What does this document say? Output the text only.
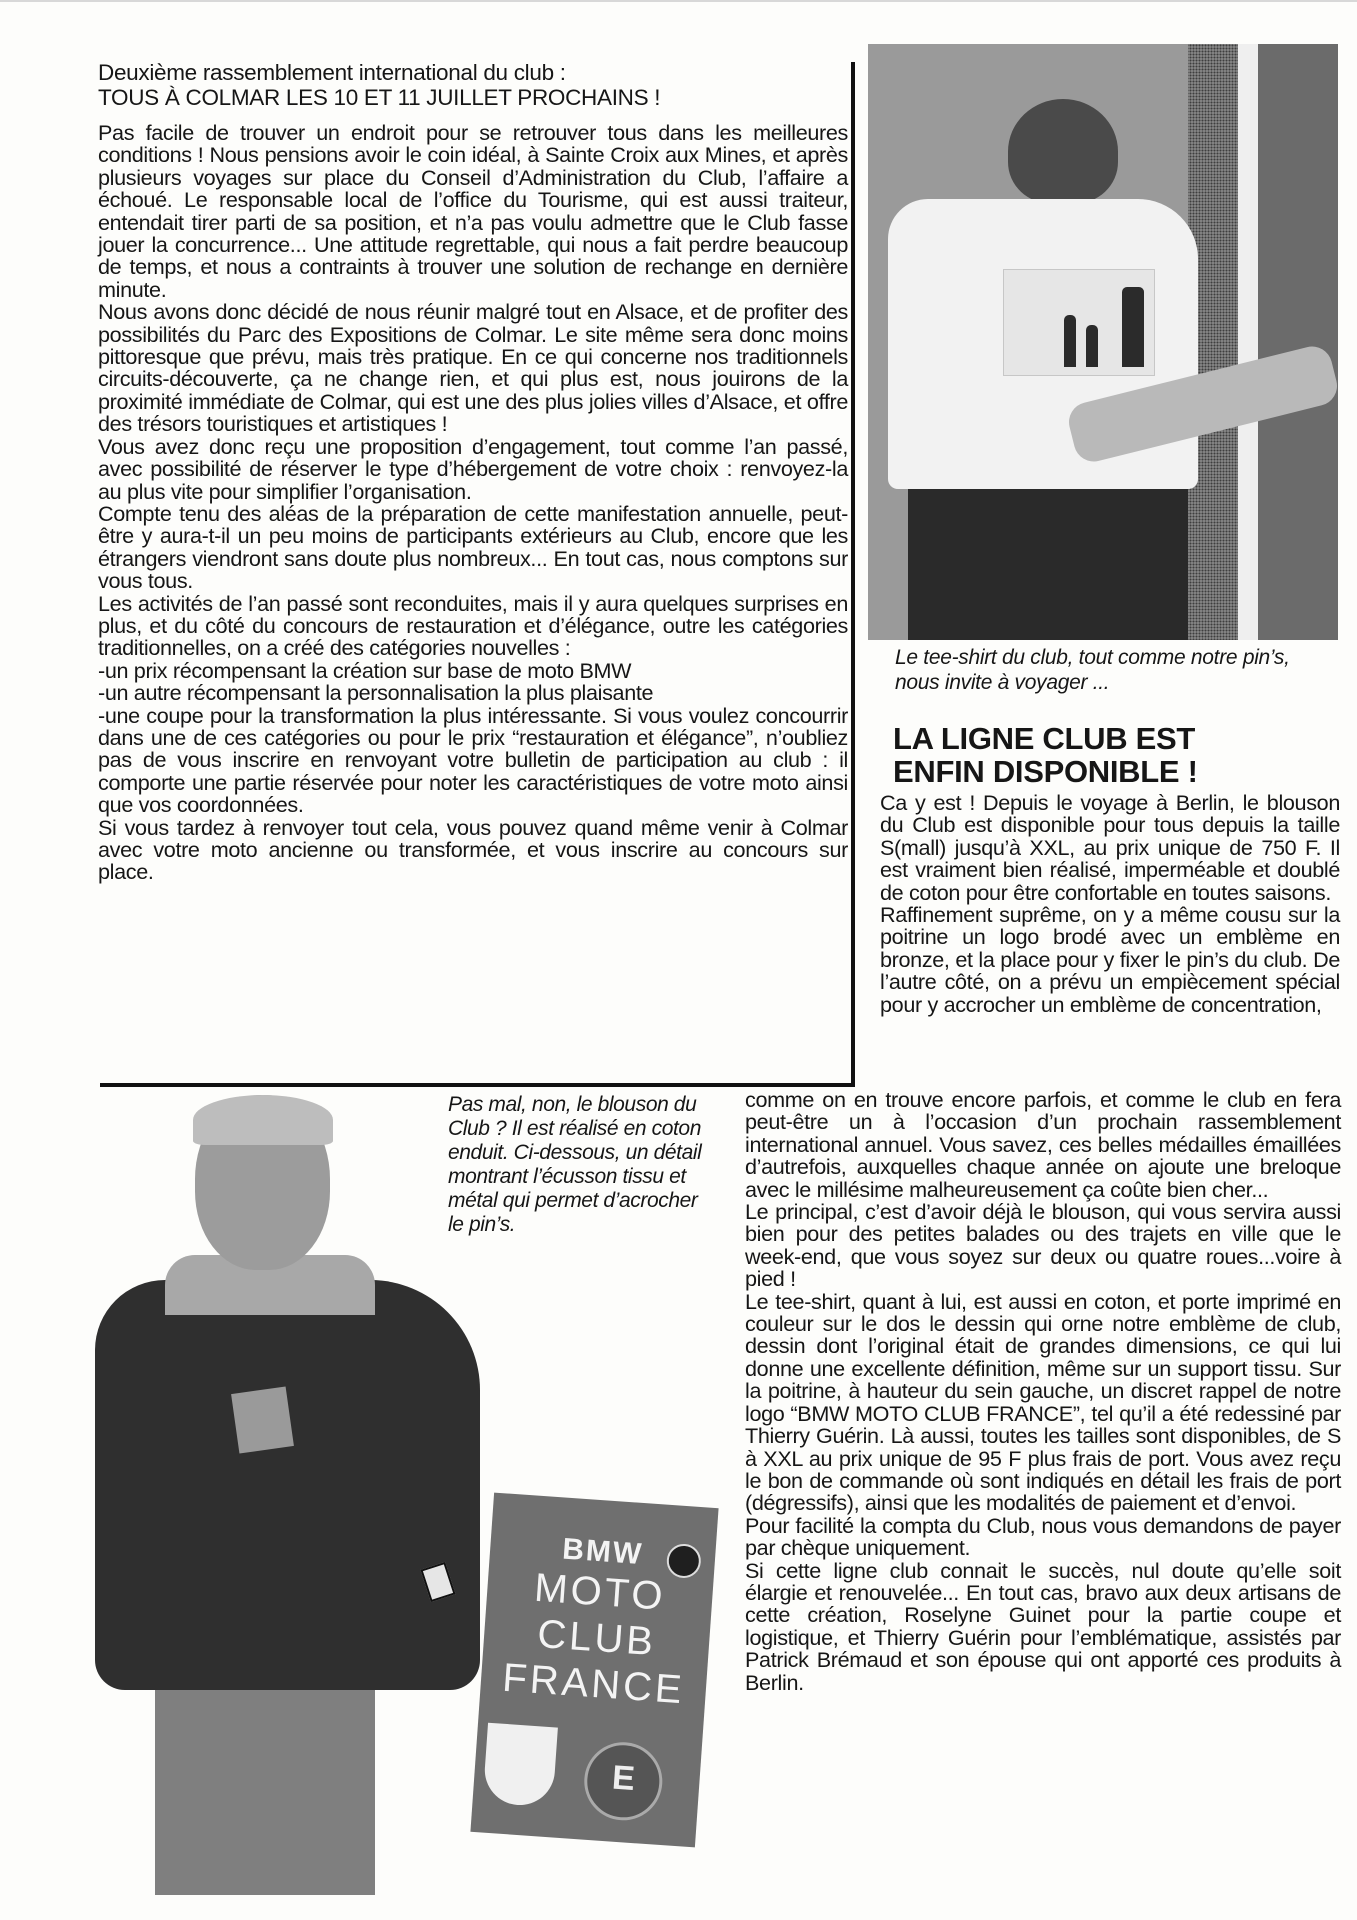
Deuxième rassemblement international du club :
TOUS À COLMAR LES 10 ET 11 JUILLET PROCHAINS !

Pas facile de trouver un endroit pour se retrouver tous dans les meilleures conditions ! Nous pensions avoir le coin idéal, à Sainte Croix aux Mines, et après plusieurs voyages sur place du Conseil d’Administration du Club, l’affaire a échoué. Le responsable local de l’office du Tourisme, qui est aussi traiteur, entendait tirer parti de sa position, et n’a pas voulu admettre que le Club fasse jouer la concurrence... Une attitude regrettable, qui nous a fait perdre beaucoup de temps, et nous a contraints à trouver une solution de rechange en dernière minute.

Nous avons donc décidé de nous réunir malgré tout en Alsace, et de profiter des possibilités du Parc des Expositions de Colmar. Le site même sera donc moins pittoresque que prévu, mais très pratique. En ce qui concerne nos traditionnels circuits-découverte, ça ne change rien, et qui plus est, nous jouirons de la proximité immédiate de Colmar, qui est une des plus jolies villes d’Alsace, et offre des trésors touristiques et artistiques !

Vous avez donc reçu une proposition d’engagement, tout comme l’an passé, avec possibilité de réserver le type d’hébergement de votre choix : renvoyez-la au plus vite pour simplifier l’organisation.

Compte tenu des aléas de la préparation de cette manifestation annuelle, peut-être y aura-t-il un peu moins de participants extérieurs au Club, encore que les étrangers viendront sans doute plus nombreux... En tout cas, nous comptons sur vous tous.

Les activités de l’an passé sont reconduites, mais il y aura quelques surprises en plus, et du côté du concours de restauration et d’élégance, outre les catégories traditionnelles, on a créé des catégories nouvelles :

-un prix récompensant la création sur base de moto BMW

-un autre récompensant la personnalisation la plus plaisante

-une coupe pour la transformation la plus intéressante. Si vous voulez concourrir dans une de ces catégories ou pour le prix “restauration et élégance”, n’oubliez pas de vous inscrire en renvoyant votre bulletin de participation au club : il comporte une partie réservée pour noter les caractéristiques de votre moto ainsi que vos coordonnées.

Si vous tardez à renvoyer tout cela, vous pouvez quand même venir à Colmar avec votre moto ancienne ou transformée, et vous inscrire au concours sur place.

Le tee-shirt du club, tout comme notre pin’s, nous invite à voyager ...
LA LIGNE CLUB EST
ENFIN DISPONIBLE !

Ca y est ! Depuis le voyage à Berlin, le blouson du Club est disponible pour tous depuis la taille S(mall) jusqu’à XXL, au prix unique de 750 F. Il est vraiment bien réalisé, imperméable et doublé de coton pour être confortable en toutes saisons.

Raffinement suprême, on y a même cousu sur la poitrine un logo brodé avec un emblème en bronze, et la place pour y fixer le pin’s du club. De l’autre côté, on a prévu un empiècement spécial pour y accrocher un emblème de concentration,

comme on en trouve encore parfois, et comme le club en fera peut-être un à l’occasion d’un prochain rassemblement international annuel. Vous savez, ces belles médailles émaillées d’autrefois, auxquelles chaque année on ajoute une breloque avec le millésime malheureusement ça coûte bien cher...

Le principal, c’est d’avoir déjà le blouson, qui vous servira aussi bien pour des petites balades ou des trajets en ville que le week-end, que vous soyez sur deux ou quatre roues...voire à pied !

Le tee-shirt, quant à lui, est aussi en coton, et porte imprimé en couleur sur le dos le dessin qui orne notre emblème de club, dessin dont l’original était de grandes dimensions, ce qui lui donne une excellente définition, même sur un support tissu. Sur la poitrine, à hauteur du sein gauche, un discret rappel de notre logo “BMW MOTO CLUB FRANCE”, tel qu’il a été redessiné par Thierry Guérin. Là aussi, toutes les tailles sont disponibles, de S à XXL au prix unique de 95 F plus frais de port. Vous avez reçu le bon de commande où sont indiqués en détail les frais de port (dégressifs), ainsi que les modalités de paiement et d’envoi.

Pour facilité la compta du Club, nous vous demandons de payer par chèque uniquement.

Si cette ligne club connait le succès, nul doute qu’elle soit élargie et renouvelée... En tout cas, bravo aux deux artisans de cette création, Roselyne Guinet pour la partie coupe et logistique, et Thierry Guérin pour l’emblématique, assistés par Patrick Brémaud et son épouse qui ont apporté ces produits à Berlin.

Pas mal, non, le blouson du Club ? Il est réalisé en coton enduit. Ci-dessous, un détail montrant l’écusson tissu et métal qui permet d’acrocher le pin’s.
BMW
MOTO
CLUB
FRANCE
E
